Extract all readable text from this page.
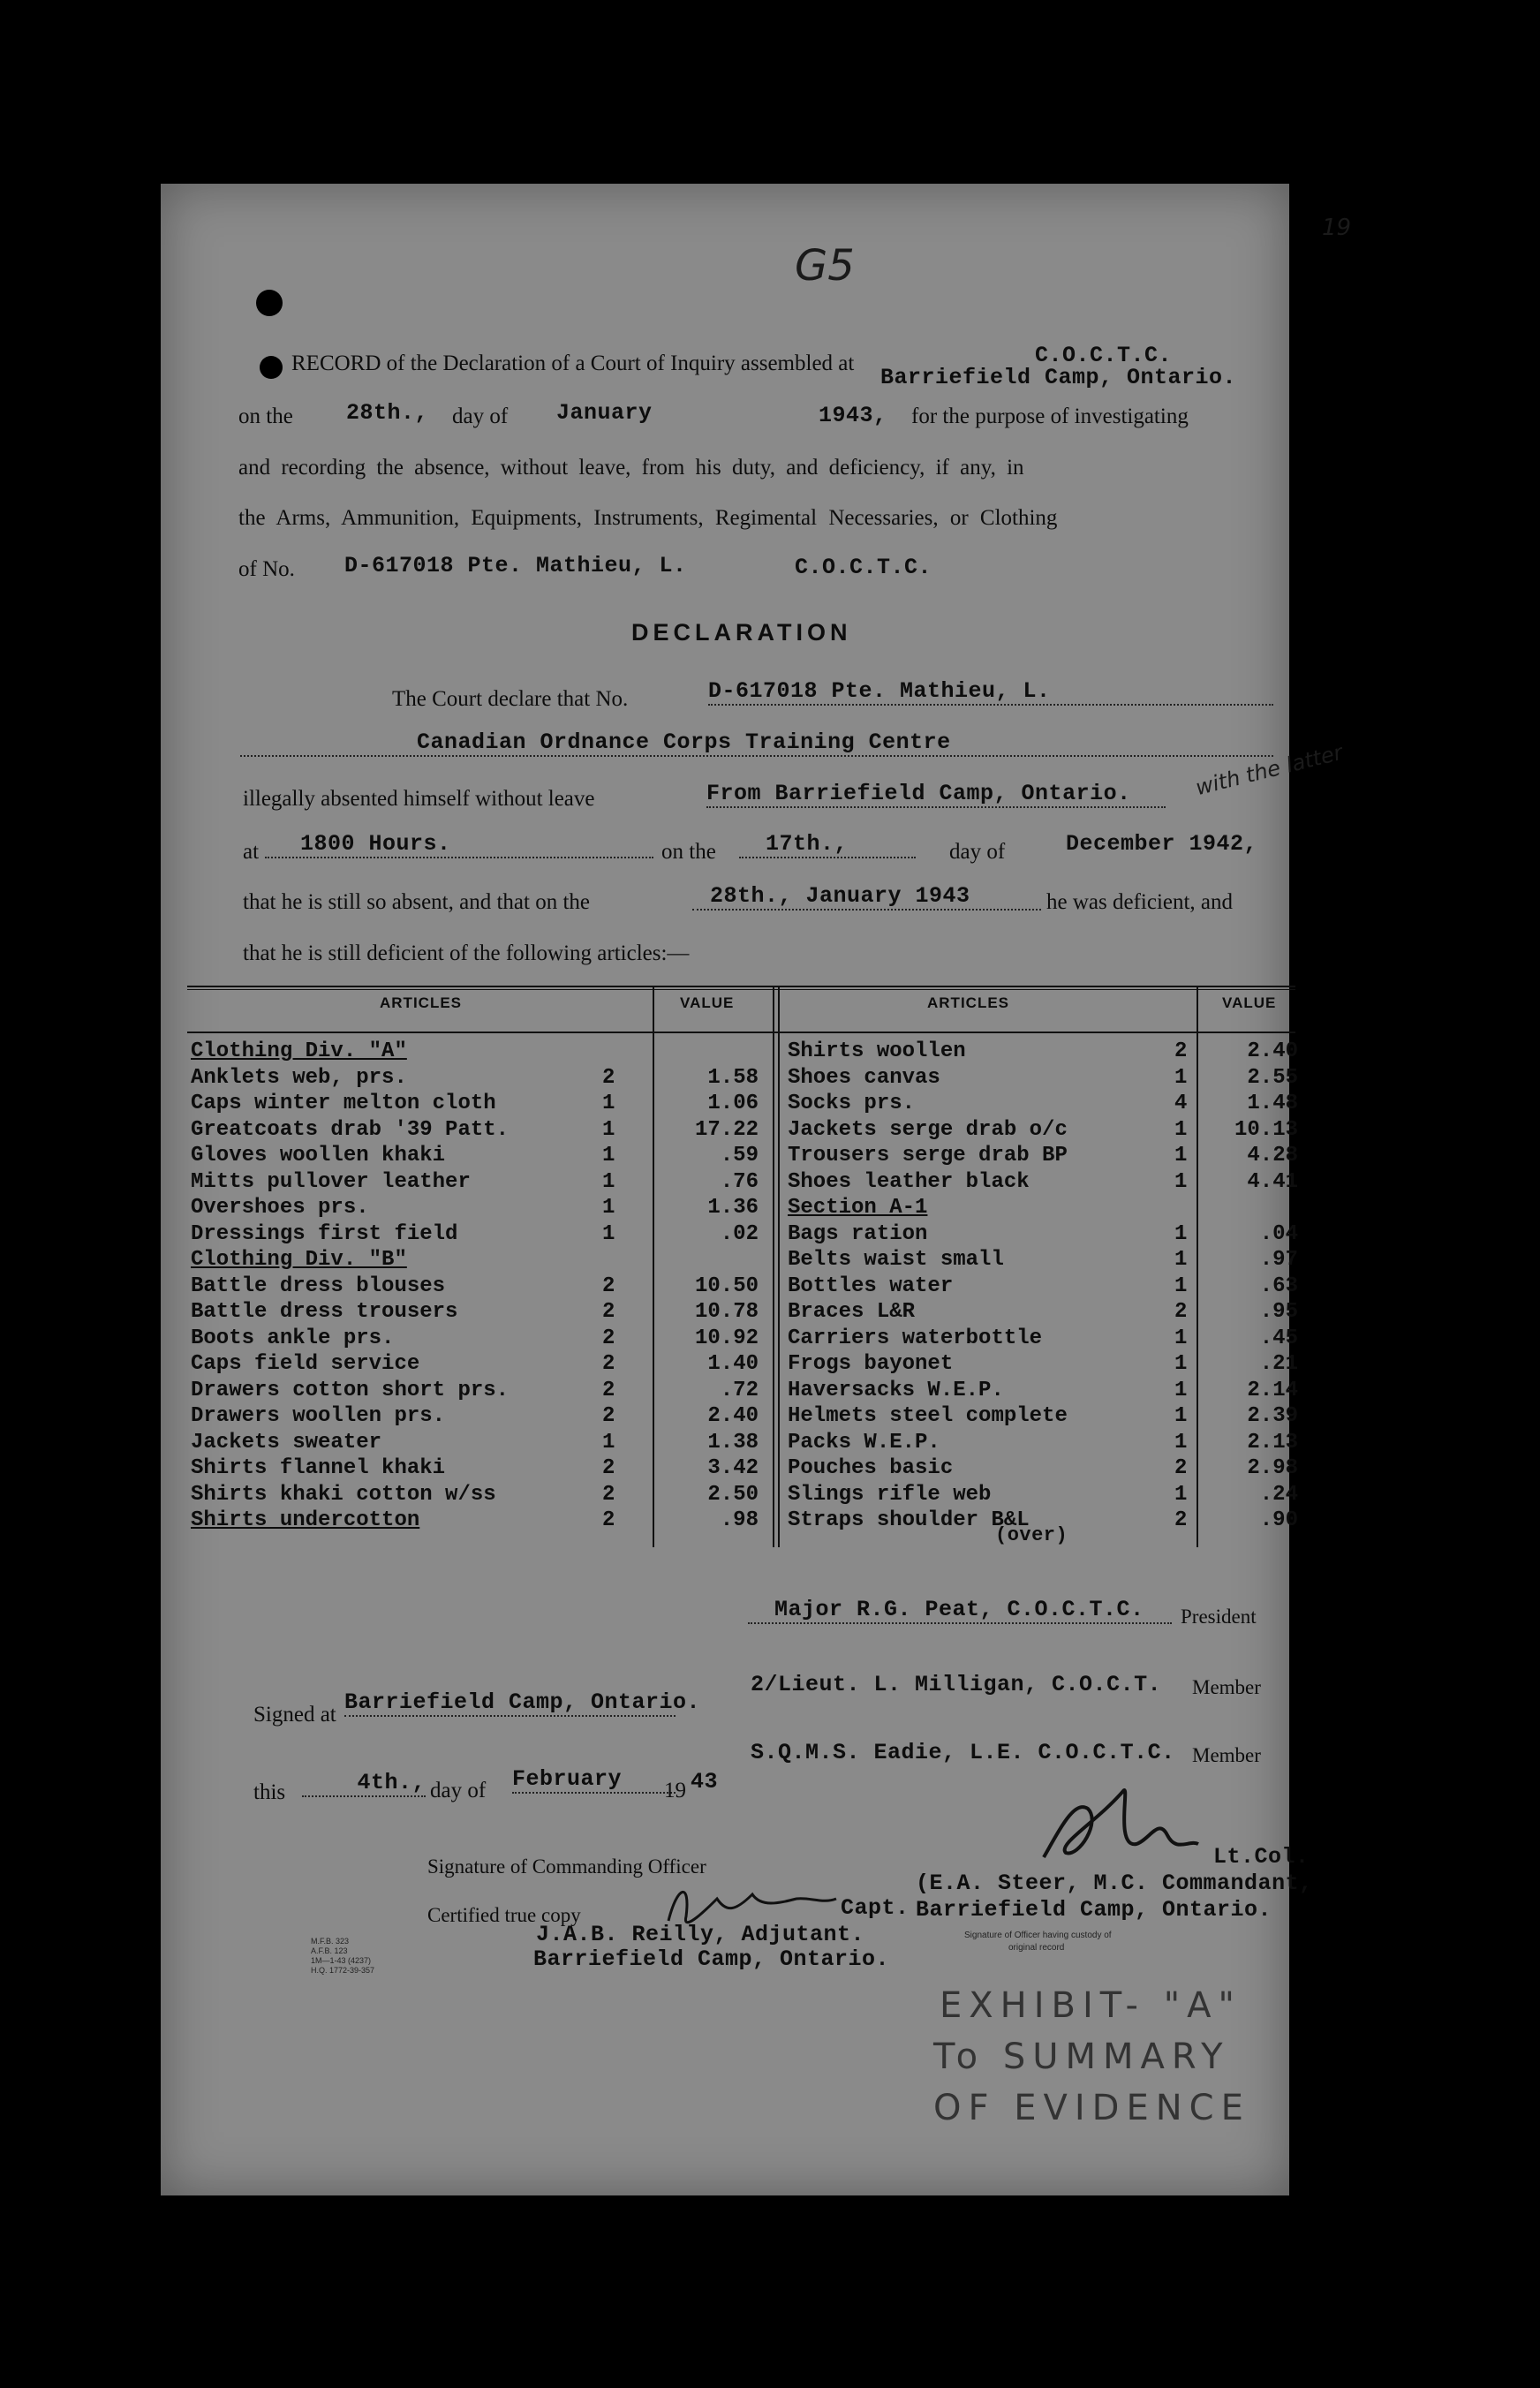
G5
19
RECORD of the Declaration of a Court of Inquiry assembled at	C.O.C.T.C.
Barriefield Camp, Ontario.
on the 28th., day of January	1943, for the purpose of investigating
and recording the absence, without leave, from his duty, and deficiency, if any, in
the Arms, Ammunition, Equipments, Instruments, Regimental Necessaries, or Clothing
of No. D-617018 Pte. Mathieu, L.	C.O.C.T.C.
DECLARATION
The Court declare that No.	D-617018 Pte. Mathieu, L.
Canadian Ordnance Corps Training Centre
illegally absented himself without leave	From Barriefield Camp, Ontario.	with the latter
at	1800 Hours.	on the	17th.,	day of	December 1942,
that he is still so absent, and that on the	28th., January 1943	he was deficient, and
that he is still deficient of the following articles:—
ARTICLES	VALUE	ARTICLES	VALUE
Clothing Div. "A"
Anklets web, prs.	2	1.58
Caps winter melton cloth	1	1.06
Greatcoats drab '39 Patt.	1	17.22
Gloves woollen khaki	1	.59
Mitts pullover leather	1	.76
Overshoes prs.	1	1.36
Dressings first field	1	.02
Clothing Div. "B"
Battle dress blouses	2	10.50
Battle dress trousers	2	10.78
Boots ankle prs.	2	10.92
Caps field service	2	1.40
Drawers cotton short prs.	2	.72
Drawers woollen prs.	2	2.40
Jackets sweater	1	1.38
Shirts flannel khaki	2	3.42
Shirts khaki cotton w/ss	2	2.50
Shirts undercotton	2	.98
Shirts woollen	2	2.40
Shoes canvas	1	2.55
Socks prs.	4	1.48
Jackets serge drab o/c	1	10.13
Trousers serge drab BP	1	4.28
Shoes leather black	1	4.41
Section A-1
Bags ration	1	.04
Belts waist small	1	.97
Bottles water	1	.63
Braces L&R	2	.95
Carriers waterbottle	1	.45
Frogs bayonet	1	.21
Haversacks W.E.P.	1	2.14
Helmets steel complete	1	2.39
Packs W.E.P.	1	2.13
Pouches basic	2	2.98
Slings rifle web	1	.24
Straps shoulder B&L	2	.90
(over)
Major R.G. Peat, C.O.C.T.C.	President
Signed at Barriefield Camp, Ontario.
2/Lieut. L. Milligan, C.O.C.T. Member
S.Q.M.S. Eadie, L.E. C.O.C.T.C. Member
this	4th., day of February	19 43
Signature of Commanding Officer	Lt.Col.
(E.A. Steer, M.C. Commandant,
Certified true copy	Capt. Barriefield Camp, Ontario.
J.A.B. Reilly, Adjutant.
Barriefield Camp, Ontario.
Signature of Officer having custody of
original record
M.F.B. 323
A.F.B. 123
1M—1-43 (4237)
H.Q. 1772-39-357
EXHIBIT- "A"
To SUMMARY
OF EVIDENCE
